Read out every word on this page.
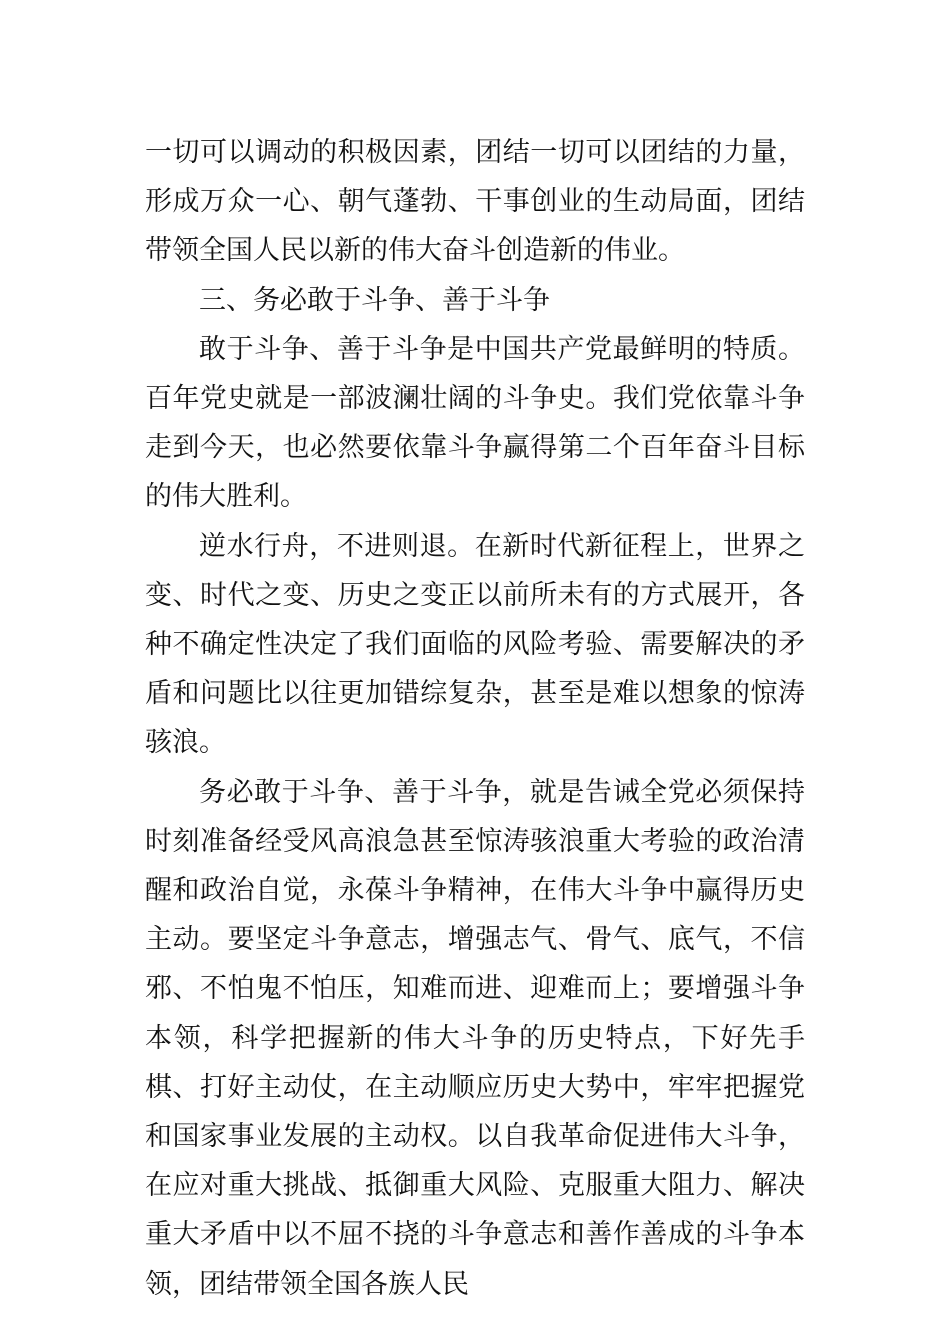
一切可以调动的积极因素，团结一切可以团结的力量，形成万众一心、朝气蓬勃、干事创业的生动局面，团结带领全国人民以新的伟大奋斗创造新的伟业。

三、务必敢于斗争、善于斗争

敢于斗争、善于斗争是中国共产党最鲜明的特质。百年党史就是一部波澜壮阔的斗争史。我们党依靠斗争走到今天，也必然要依靠斗争赢得第二个百年奋斗目标的伟大胜利。

逆水行舟，不进则退。在新时代新征程上，世界之变、时代之变、历史之变正以前所未有的方式展开，各种不确定性决定了我们面临的风险考验、需要解决的矛盾和问题比以往更加错综复杂，甚至是难以想象的惊涛骇浪。

务必敢于斗争、善于斗争，就是告诫全党必须保持时刻准备经受风高浪急甚至惊涛骇浪重大考验的政治清醒和政治自觉，永葆斗争精神，在伟大斗争中赢得历史主动。要坚定斗争意志，增强志气、骨气、底气，不信邪、不怕鬼不怕压，知难而进、迎难而上；要增强斗争本领，科学把握新的伟大斗争的历史特点，下好先手棋、打好主动仗，在主动顺应历史大势中，牢牢把握党和国家事业发展的主动权。以自我革命促进伟大斗争，在应对重大挑战、抵御重大风险、克服重大阻力、解决重大矛盾中以不屈不挠的斗争意志和善作善成的斗争本领，团结带领全国各族人民
